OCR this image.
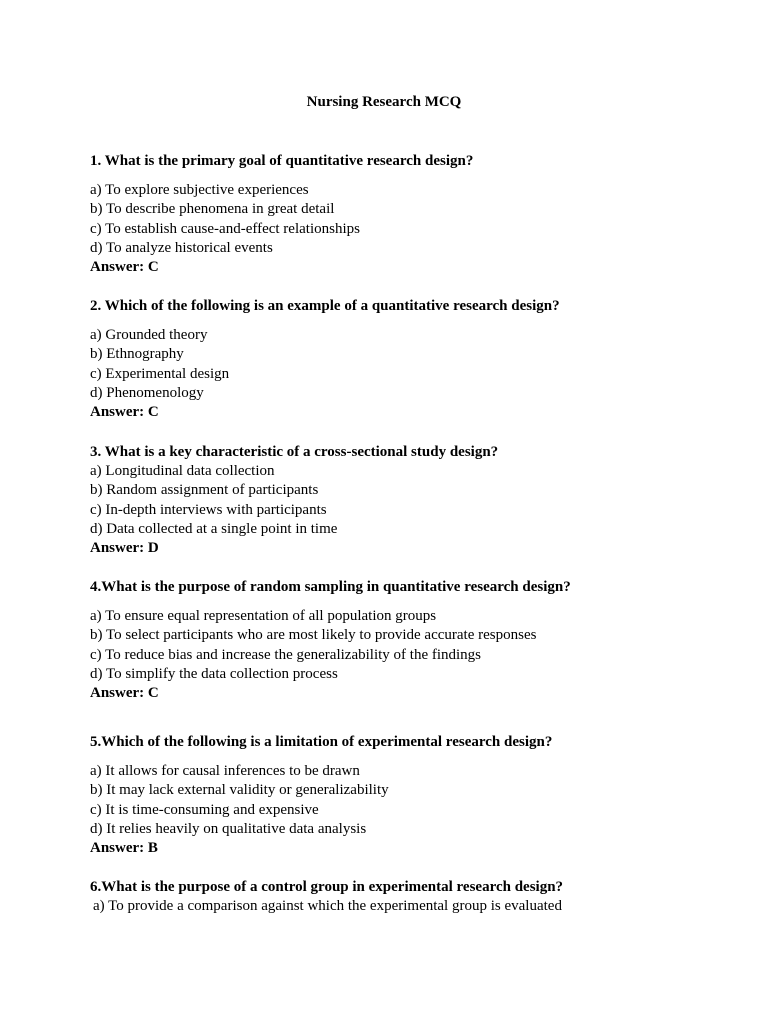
Nursing Research MCQ
1. What is the primary goal of quantitative research design?
a) To explore subjective experiences
b) To describe phenomena in great detail
c) To establish cause-and-effect relationships
d) To analyze historical events
Answer: C
2. Which of the following is an example of a quantitative research design?
a) Grounded theory
b) Ethnography
c) Experimental design
d) Phenomenology
Answer: C
3. What is a key characteristic of a cross-sectional study design?
a) Longitudinal data collection
b) Random assignment of participants
c) In-depth interviews with participants
d) Data collected at a single point in time
Answer: D
4.What is the purpose of random sampling in quantitative research design?
a) To ensure equal representation of all population groups
b) To select participants who are most likely to provide accurate responses
c) To reduce bias and increase the generalizability of the findings
d) To simplify the data collection process
Answer: C
5.Which of the following is a limitation of experimental research design?
a) It allows for causal inferences to be drawn
b) It may lack external validity or generalizability
c) It is time-consuming and expensive
d) It relies heavily on qualitative data analysis
Answer: B
6.What is the purpose of a control group in experimental research design?
a) To provide a comparison against which the experimental group is evaluated
